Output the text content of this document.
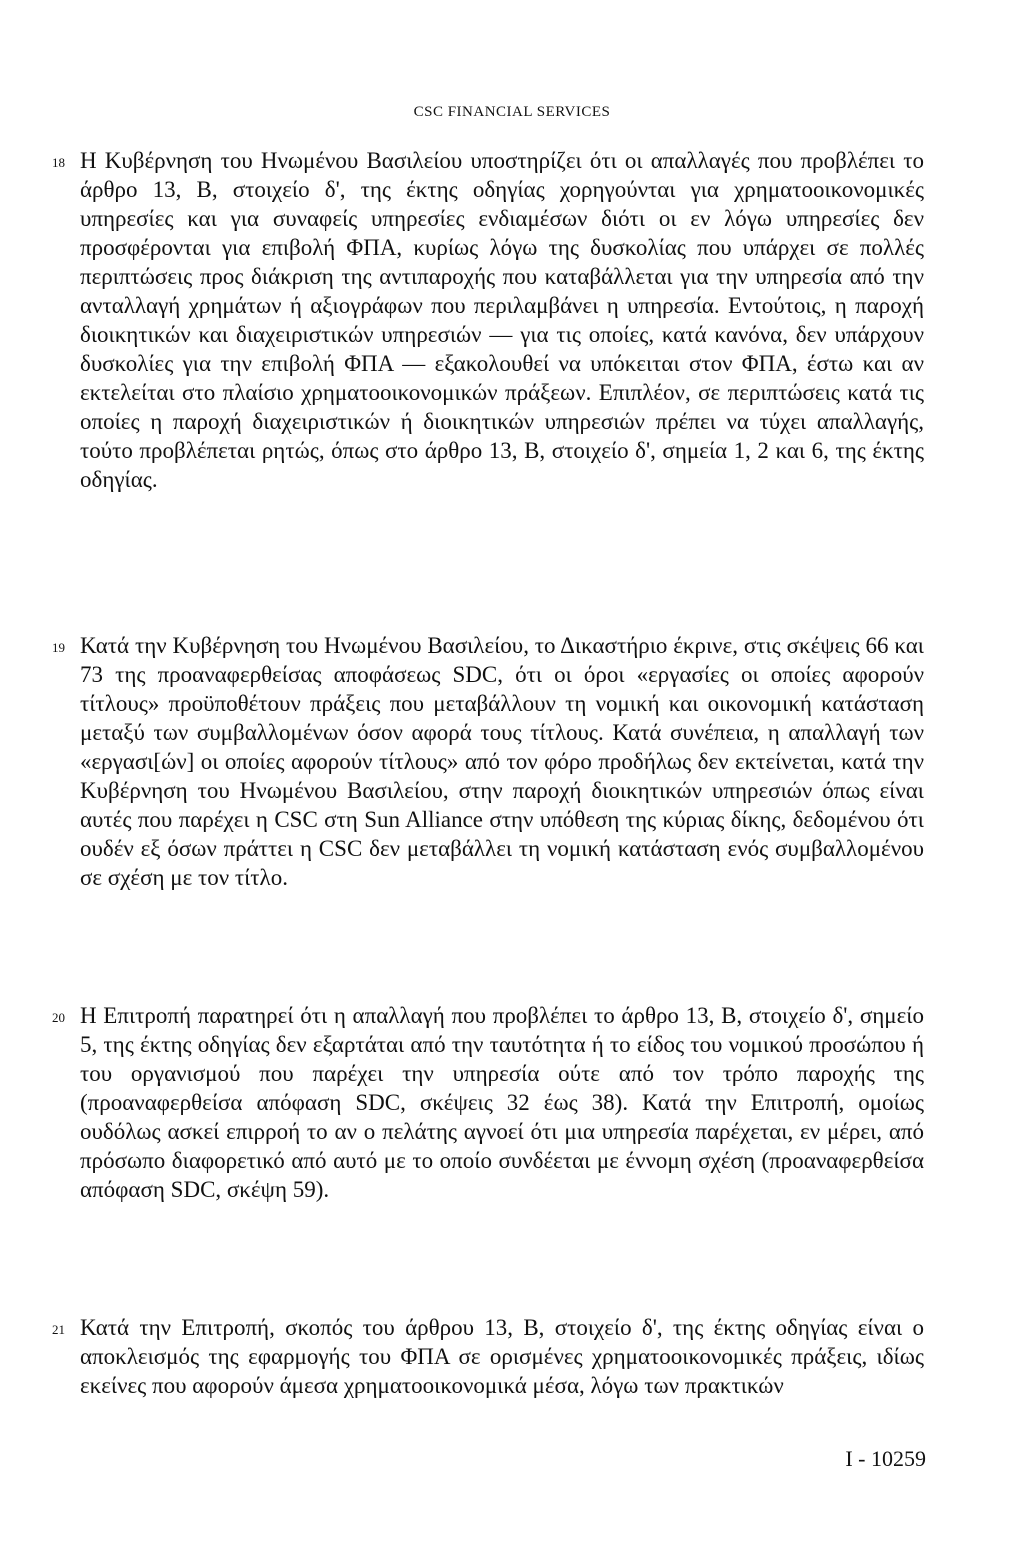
CSC FINANCIAL SERVICES
18 Η Κυβέρνηση του Ηνωμένου Βασιλείου υποστηρίζει ότι οι απαλλαγές που προβλέπει το άρθρο 13, Β, στοιχείο δ', της έκτης οδηγίας χορηγούνται για χρηματοοικονομικές υπηρεσίες και για συναφείς υπηρεσίες ενδιαμέσων διότι οι εν λόγω υπηρεσίες δεν προσφέρονται για επιβολή ΦΠΑ, κυρίως λόγω της δυσκολίας που υπάρχει σε πολλές περιπτώσεις προς διάκριση της αντιπαροχής που καταβάλλεται για την υπηρεσία από την ανταλλαγή χρημάτων ή αξιογράφων που περιλαμβάνει η υπηρεσία. Εντούτοις, η παροχή διοικητικών και διαχειριστικών υπηρεσιών — για τις οποίες, κατά κανόνα, δεν υπάρχουν δυσκολίες για την επιβολή ΦΠΑ — εξακολουθεί να υπόκειται στον ΦΠΑ, έστω και αν εκτελείται στο πλαίσιο χρηματοοικονομικών πράξεων. Επιπλέον, σε περιπτώσεις κατά τις οποίες η παροχή διαχειριστικών ή διοικητικών υπηρεσιών πρέπει να τύχει απαλλαγής, τούτο προβλέπεται ρητώς, όπως στο άρθρο 13, Β, στοιχείο δ', σημεία 1, 2 και 6, της έκτης οδηγίας.

19 Κατά την Κυβέρνηση του Ηνωμένου Βασιλείου, το Δικαστήριο έκρινε, στις σκέψεις 66 και 73 της προαναφερθείσας αποφάσεως SDC, ότι οι όροι «εργασίες οι οποίες αφορούν τίτλους» προϋποθέτουν πράξεις που μεταβάλλουν τη νομική και οικονομική κατάσταση μεταξύ των συμβαλλομένων όσον αφορά τους τίτλους. Κατά συνέπεια, η απαλλαγή των «εργασι[ών] οι οποίες αφορούν τίτλους» από τον φόρο προδήλως δεν εκτείνεται, κατά την Κυβέρνηση του Ηνωμένου Βασιλείου, στην παροχή διοικητικών υπηρεσιών όπως είναι αυτές που παρέχει η CSC στη Sun Alliance στην υπόθεση της κύριας δίκης, δεδομένου ότι ουδέν εξ όσων πράττει η CSC δεν μεταβάλλει τη νομική κατάσταση ενός συμβαλλομένου σε σχέση με τον τίτλο.

20 Η Επιτροπή παρατηρεί ότι η απαλλαγή που προβλέπει το άρθρο 13, Β, στοιχείο δ', σημείο 5, της έκτης οδηγίας δεν εξαρτάται από την ταυτότητα ή το είδος του νομικού προσώπου ή του οργανισμού που παρέχει την υπηρεσία ούτε από τον τρόπο παροχής της (προαναφερθείσα απόφαση SDC, σκέψεις 32 έως 38). Κατά την Επιτροπή, ομοίως ουδόλως ασκεί επιρροή το αν ο πελάτης αγνοεί ότι μια υπηρεσία παρέχεται, εν μέρει, από πρόσωπο διαφορετικό από αυτό με το οποίο συνδέεται με έννομη σχέση (προαναφερθείσα απόφαση SDC, σκέψη 59).

21 Κατά την Επιτροπή, σκοπός του άρθρου 13, Β, στοιχείο δ', της έκτης οδηγίας είναι ο αποκλεισμός της εφαρμογής του ΦΠΑ σε ορισμένες χρηματοοικονομικές πράξεις, ιδίως εκείνες που αφορούν άμεσα χρηματοοικονομικά μέσα, λόγω των πρακτικών

I - 10259
